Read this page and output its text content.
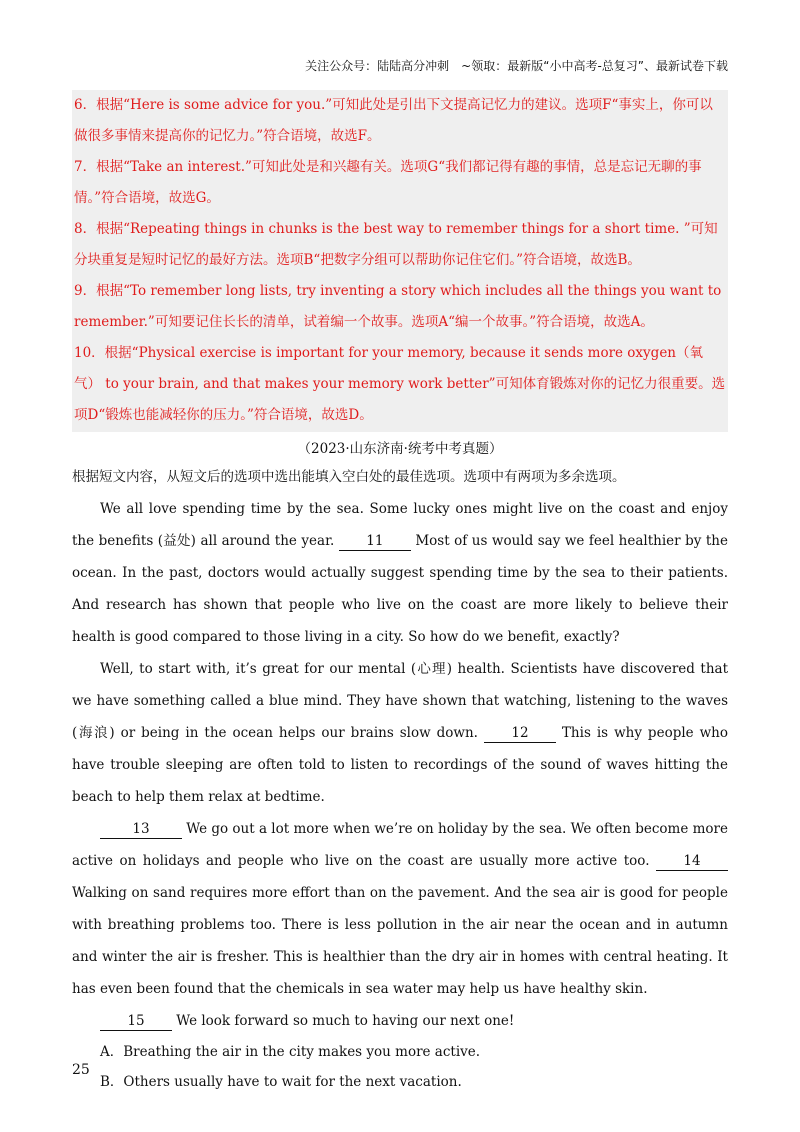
关注公众号：陆陆高分冲刺　~领取：最新版“小中高考-总复习”、最新试卷下载

6．根据“Here is some advice for you.”可知此处是引出下文提高记忆力的建议。选项F“事实上，你可以做很多事情来提高你的记忆力。”符合语境，故选F。

7．根据“Take an interest.”可知此处是和兴趣有关。选项G“我们都记得有趣的事情，总是忘记无聊的事情。”符合语境，故选G。

8．根据“Repeating things in chunks is the best way to remember things for a short time. ”可知分块重复是短时记忆的最好方法。选项B“把数字分组可以帮助你记住它们。”符合语境，故选B。

9．根据“To remember long lists, try inventing a story which includes all the things you want to remember.”可知要记住长长的清单，试着编一个故事。选项A“编一个故事。”符合语境，故选A。

10．根据“Physical exercise is important for your memory, because it sends more oxygen（氧气） to your brain, and that makes your memory work better”可知体育锻炼对你的记忆力很重要。选项D“锻炼也能减轻你的压力。”符合语境，故选D。

（2023·山东济南·统考中考真题）

根据短文内容，从短文后的选项中选出能填入空白处的最佳选项。选项中有两项为多余选项。

We all love spending time by the sea. Some lucky ones might live on the coast and enjoy the benefits (益处) all around the year. 11 Most of us would say we feel healthier by the ocean. In the past, doctors would actually suggest spending time by the sea to their patients. And research has shown that people who live on the coast are more likely to believe their health is good compared to those living in a city. So how do we benefit, exactly?

Well, to start with, it’s great for our mental (心理) health. Scientists have discovered that we have something called a blue mind. They have shown that watching, listening to the waves (海浪) or being in the ocean helps our brains slow down. 12 This is why people who have trouble sleeping are often told to listen to recordings of the sound of waves hitting the beach to help them relax at bedtime.

13 We go out a lot more when we’re on holiday by the sea. We often become more active on holidays and people who live on the coast are usually more active too. 14 Walking on sand requires more effort than on the pavement. And the sea air is good for people with breathing problems too. There is less pollution in the air near the ocean and in autumn and winter the air is fresher. This is healthier than the dry air in homes with central heating. It has even been found that the chemicals in sea water may help us have healthy skin.

15 We look forward so much to having our next one!

A．Breathing the air in the city makes you more active.

B．Others usually have to wait for the next vacation.

25
